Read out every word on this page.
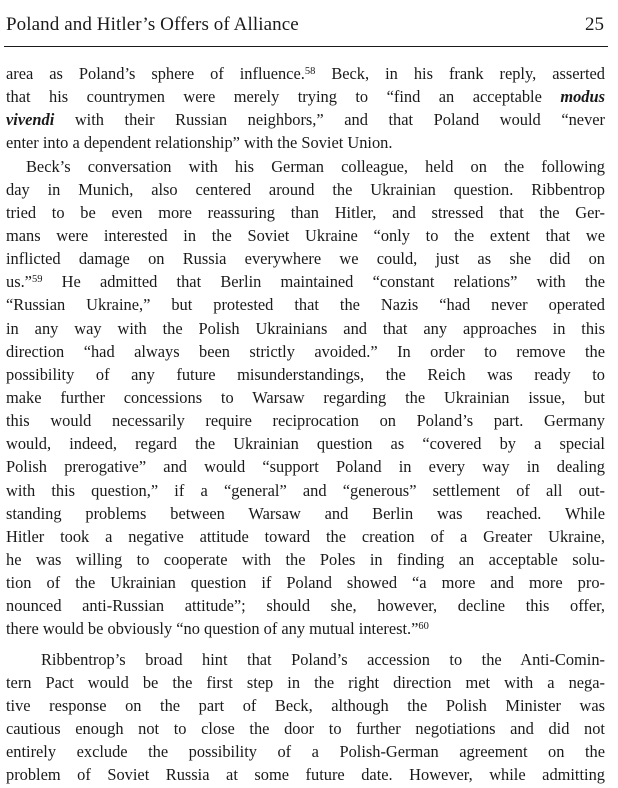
Poland and Hitler’s Offers of Alliance	25
area as Poland’s sphere of influence.$^{58}$ Beck, in his frank reply, asserted
that his countrymen were merely trying to “find an acceptable modus
vivendi with their Russian neighbors,” and that Poland would “never
enter into a dependent relationship” with the Soviet Union.
Beck’s conversation with his German colleague, held on the following
day in Munich, also centered around the Ukrainian question. Ribbentrop
tried to be even more reassuring than Hitler, and stressed that the Ger-
mans were interested in the Soviet Ukraine “only to the extent that we
inflicted damage on Russia everywhere we could, just as she did on
us.”$^{59}$ He admitted that Berlin maintained “constant relations” with the
“Russian Ukraine,” but protested that the Nazis “had never operated
in any way with the Polish Ukrainians and that any approaches in this
direction “had always been strictly avoided.” In order to remove the
possibility of any future misunderstandings, the Reich was ready to
make further concessions to Warsaw regarding the Ukrainian issue, but
this would necessarily require reciprocation on Poland’s part. Germany
would, indeed, regard the Ukrainian question as “covered by a special
Polish prerogative” and would “support Poland in every way in dealing
with this question,” if a “general” and “generous” settlement of all out-
standing problems between Warsaw and Berlin was reached. While
Hitler took a negative attitude toward the creation of a Greater Ukraine,
he was willing to cooperate with the Poles in finding an acceptable solu-
tion of the Ukrainian question if Poland showed “a more and more pro-
nounced anti-Russian attitude”; should she, however, decline this offer,
there would be obviously “no question of any mutual interest.”$^{60}$
Ribbentrop’s broad hint that Poland’s accession to the Anti-Comin-
tern Pact would be the first step in the right direction met with a nega-
tive response on the part of Beck, although the Polish Minister was
cautious enough not to close the door to further negotiations and did not
entirely exclude the possibility of a Polish-German agreement on the
problem of Soviet Russia at some future date. However, while admitting
